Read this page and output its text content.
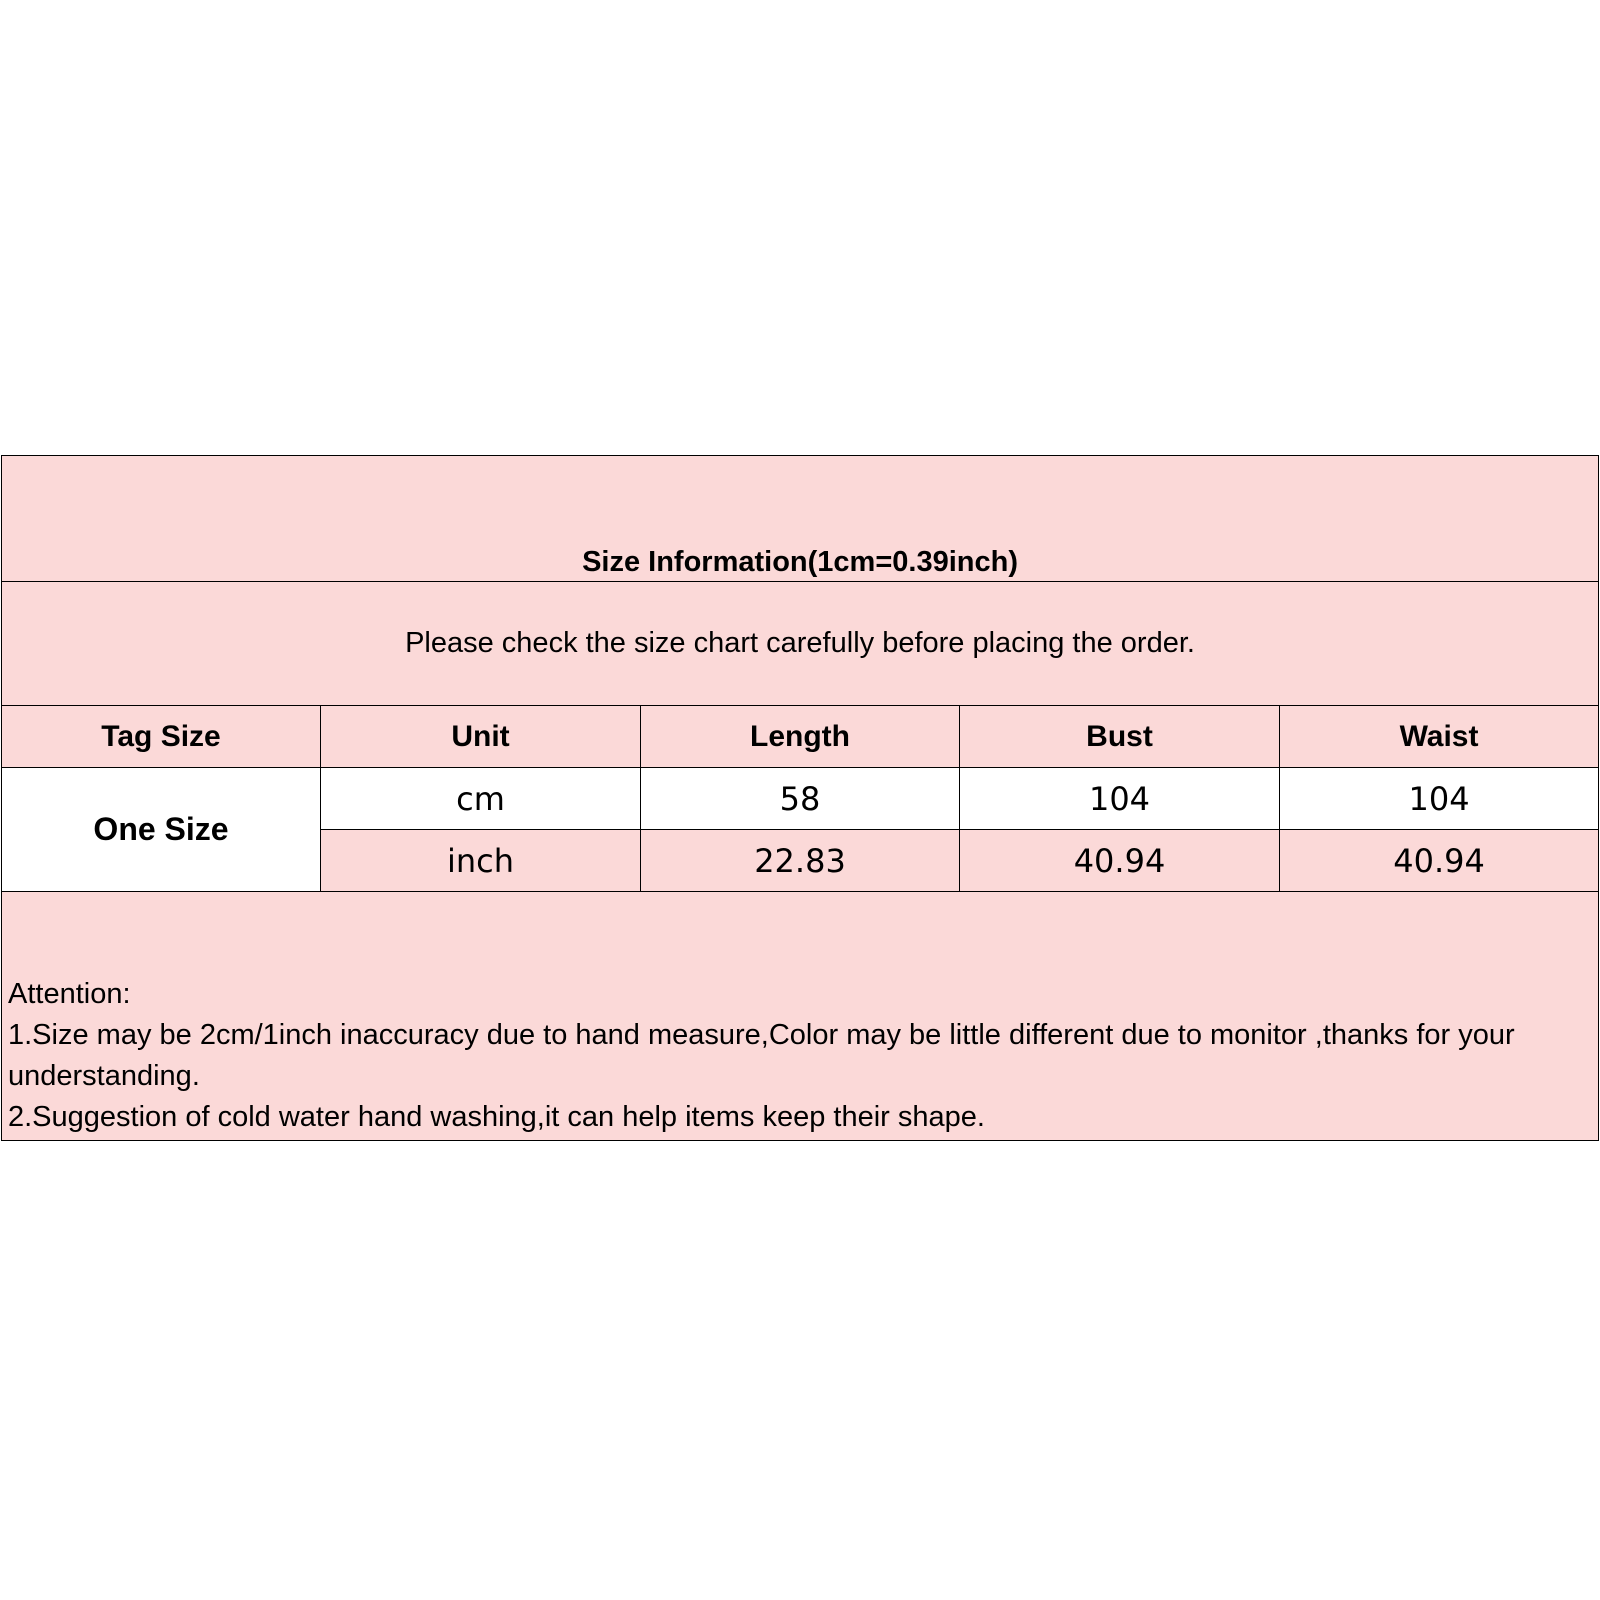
Size Information(1cm=0.39inch)				
Please check the size chart carefully before placing the order.				
Tag Size	Unit	Length	Bust	Waist
One Size	cm	58	104	104
	inch	22.83	40.94	40.94

Attention:
1.Size may be 2cm/1inch inaccuracy due to hand measure,Color may be little different due to monitor ,thanks for your understanding.
2.Suggestion of cold water hand washing,it can help items keep their shape.				
